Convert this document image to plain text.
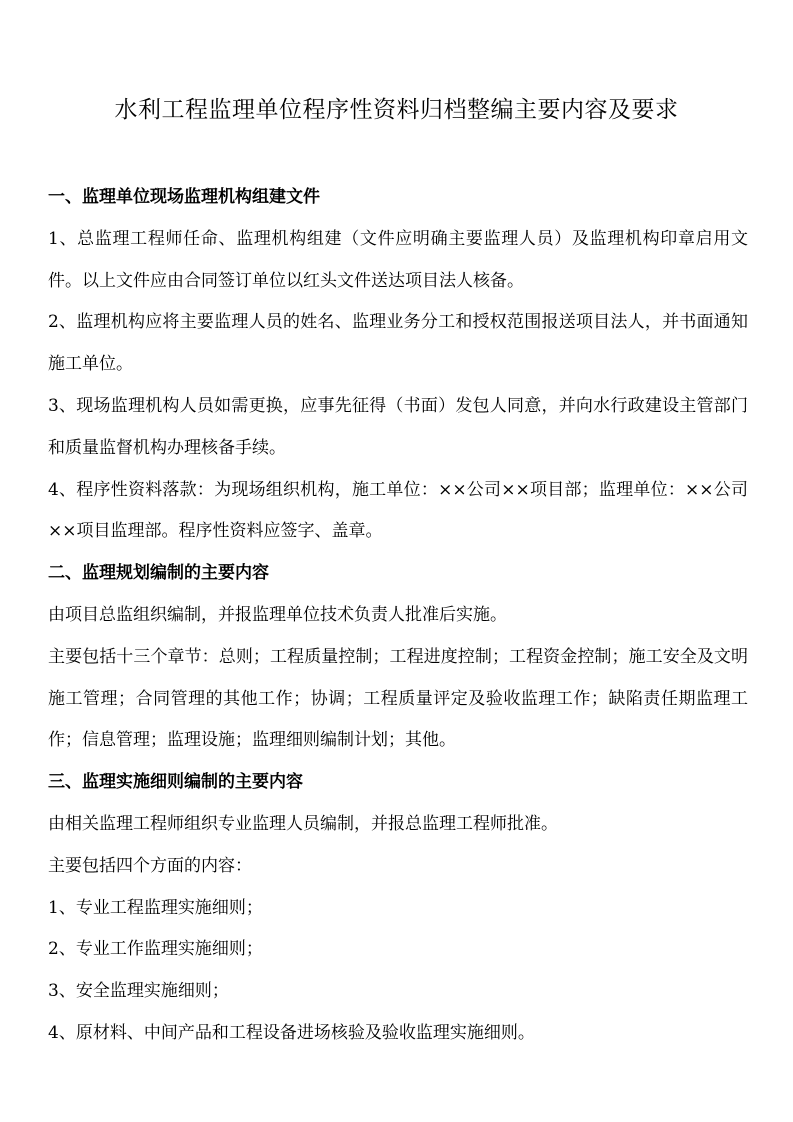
水利工程监理单位程序性资料归档整编主要内容及要求
一、监理单位现场监理机构组建文件
1、总监理工程师任命、监理机构组建（文件应明确主要监理人员）及监理机构印章启用文件。以上文件应由合同签订单位以红头文件送达项目法人核备。
2、监理机构应将主要监理人员的姓名、监理业务分工和授权范围报送项目法人，并书面通知施工单位。
3、现场监理机构人员如需更换，应事先征得（书面）发包人同意，并向水行政建设主管部门和质量监督机构办理核备手续。
4、程序性资料落款：为现场组织机构，施工单位：××公司××项目部；监理单位：××公司××项目监理部。程序性资料应签字、盖章。
二、监理规划编制的主要内容
由项目总监组织编制，并报监理单位技术负责人批准后实施。
主要包括十三个章节：总则；工程质量控制；工程进度控制；工程资金控制；施工安全及文明施工管理；合同管理的其他工作；协调；工程质量评定及验收监理工作；缺陷责任期监理工作；信息管理；监理设施；监理细则编制计划；其他。
三、监理实施细则编制的主要内容
由相关监理工程师组织专业监理人员编制，并报总监理工程师批准。
主要包括四个方面的内容：
1、专业工程监理实施细则；
2、专业工作监理实施细则；
3、安全监理实施细则；
4、原材料、中间产品和工程设备进场核验及验收监理实施细则。
